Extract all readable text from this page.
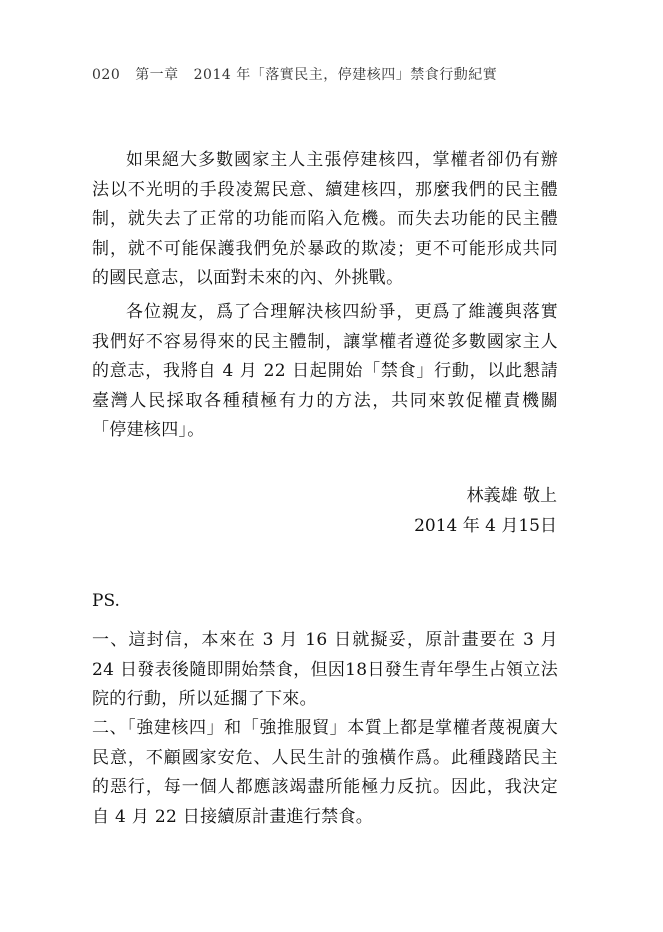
020 第一章 2014 年「落實民主，停建核四」禁食行動紀實

如果絕大多數國家主人主張停建核四，掌權者卻仍有辦法以不光明的手段凌駕民意、續建核四，那麼我們的民主體制，就失去了正常的功能而陷入危機。而失去功能的民主體制，就不可能保護我們免於暴政的欺凌；更不可能形成共同的國民意志，以面對未來的內、外挑戰。

各位親友，爲了合理解決核四紛爭，更爲了維護與落實我們好不容易得來的民主體制，讓掌權者遵從多數國家主人的意志，我將自 4 月 22 日起開始「禁食」行動，以此懇請臺灣人民採取各種積極有力的方法，共同來敦促權責機關「停建核四」。

林義雄 敬上
2014 年 4 月15日
PS.

一、這封信，本來在 3 月 16 日就擬妥，原計畫要在 3 月 24 日發表後隨即開始禁食，但因18日發生青年學生占領立法院的行動，所以延擱了下來。

二、「強建核四」和「強推服貿」本質上都是掌權者蔑視廣大民意，不顧國家安危、人民生計的強橫作爲。此種踐踏民主的惡行，每一個人都應該竭盡所能極力反抗。因此，我決定自 4 月 22 日接續原計畫進行禁食。
